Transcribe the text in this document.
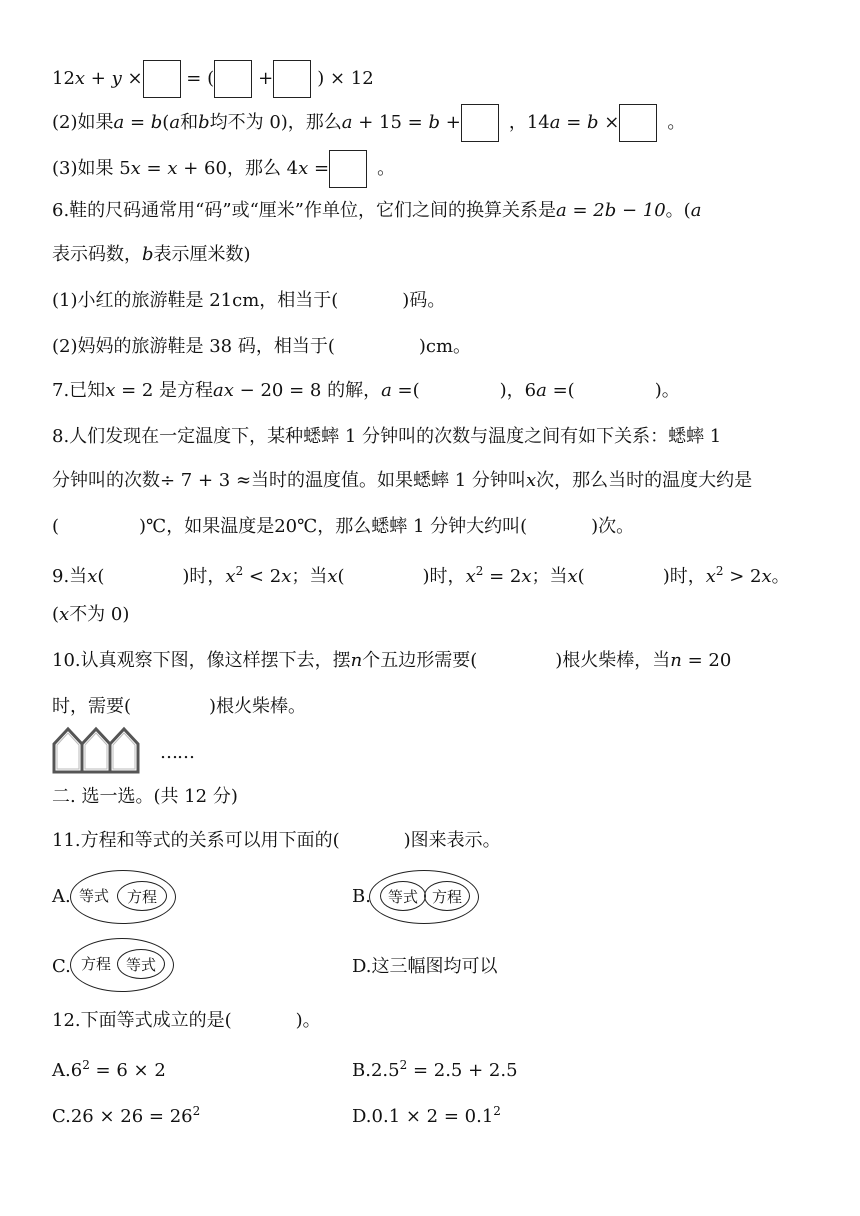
12x + y × = ( + ) × 12
(2)如果a = b(a和b均不为 0)，那么a + 15 = b +	，14a = b ×	。
(3)如果 5x = x + 60，那么 4x =	。
6.鞋的尺码通常用“码”或“厘米”作单位，它们之间的换算关系是a = 2b − 10。(a
表示码数，b表示厘米数)
(1)小红的旅游鞋是 21cm，相当于(	)码。
(2)妈妈的旅游鞋是 38 码，相当于(	)cm。
7.已知x = 2 是方程ax − 20 = 8 的解，a =(	)，6a =(	)。
8.人们发现在一定温度下，某种蟋蟀 1 分钟叫的次数与温度之间有如下关系：蟋蟀 1
分钟叫的次数÷ 7 + 3 ≈当时的温度值。如果蟋蟀 1 分钟叫x次，那么当时的温度大约是
(	)℃，如果温度是20℃，那么蟋蟀 1 分钟大约叫(	)次。
9.当x(	)时，$x^2 < 2x$；当x(	)时，$x^2 = 2x$；当x(	)时，$x^2 > 2x$。
(x不为 0)
10.认真观察下图，像这样摆下去，摆n个五边形需要(	)根火柴棒，当n = 20
时，需要(	)根火柴棒。
……
二. 选一选。(共 12 分)
11.方程和等式的关系可以用下面的(	)图来表示。
A.	方程
等式	B.	等式 方程
C. 方程 等式	D.这三幅图均可以
12.下面等式成立的是(	)。
$A.6^2 = 6 \times 2$	$B.2.5^2 = 2.5 + 2.5$
$C.26 \times 26 = 26^2$	$D.0.1 \times 2 = 0.1^2$
